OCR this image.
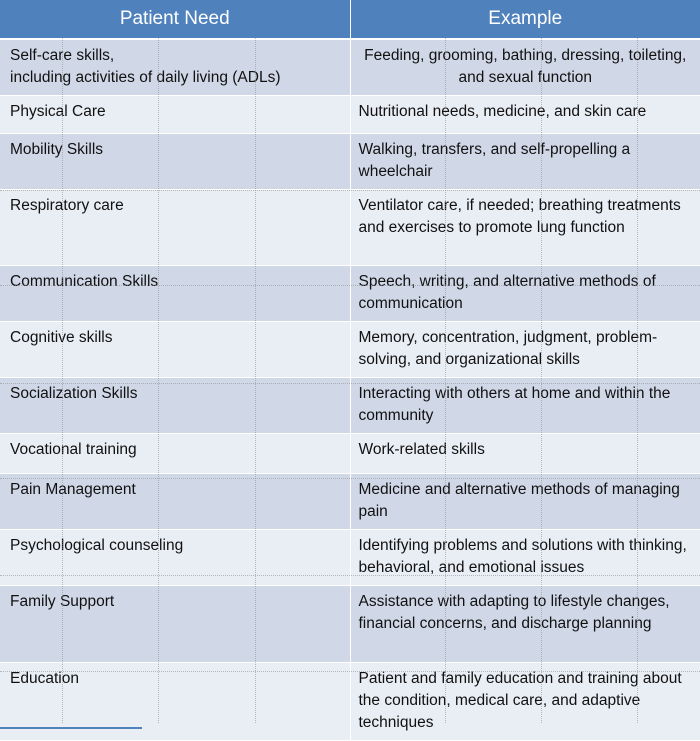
Patient Need	Example
Self-care skills,
including activities of daily living (ADLs)	Feeding, grooming, bathing, dressing, toileting, and sexual function
Physical Care	Nutritional needs, medicine, and skin care
Mobility Skills	Walking, transfers, and self-propelling a wheelchair
Respiratory care	Ventilator care, if needed; breathing treatments and exercises to promote lung function
Communication Skills	Speech, writing, and alternative methods of communication
Cognitive skills	Memory, concentration, judgment, problem-solving, and organizational skills
Socialization Skills	Interacting with others at home and within the community
Vocational training	Work-related skills
Pain Management	Medicine and alternative methods of managing pain
Psychological counseling	Identifying problems and solutions with thinking, behavioral, and emotional issues
Family Support	Assistance with adapting to lifestyle changes, financial concerns, and discharge planning
Education	Patient and family education and training about the condition, medical care, and adaptive techniques
